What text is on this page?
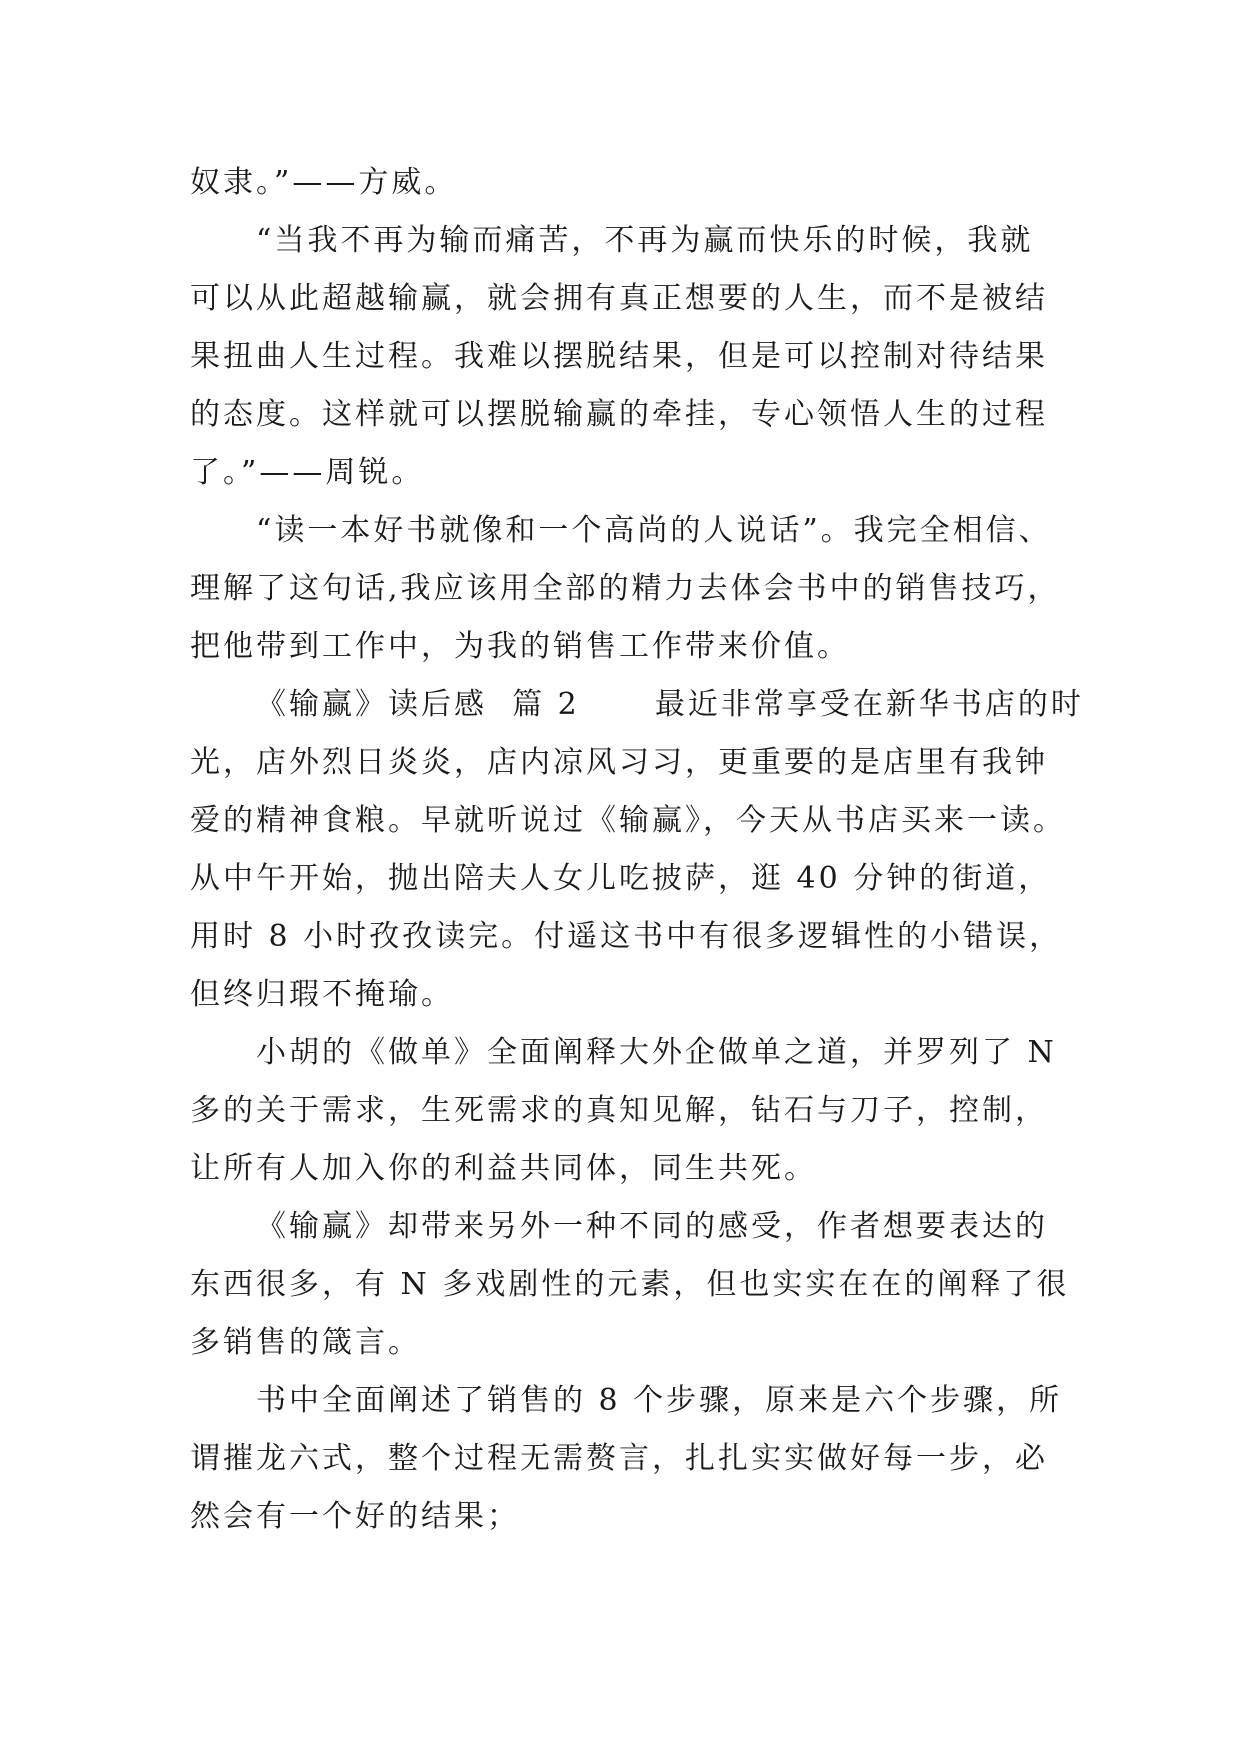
奴隶。”——方威。

“当我不再为输而痛苦，不再为赢而快乐的时候，我就
可以从此超越输赢，就会拥有真正想要的人生，而不是被结
果扭曲人生过程。我难以摆脱结果，但是可以控制对待结果
的态度。这样就可以摆脱输赢的牵挂，专心领悟人生的过程
了。”——周锐。

“读一本好书就像和一个高尚的人说话”。我完全相信、
理解了这句话,我应该用全部的精力去体会书中的销售技巧，
把他带到工作中，为我的销售工作带来价值。

《输赢》读后感  篇 2      最近非常享受在新华书店的时
光，店外烈日炎炎，店内凉风习习，更重要的是店里有我钟
爱的精神食粮。早就听说过《输赢》，今天从书店买来一读。
从中午开始，抛出陪夫人女儿吃披萨，逛 40 分钟的街道，
用时 8 小时孜孜读完。付遥这书中有很多逻辑性的小错误，
但终归瑕不掩瑜。

小胡的《做单》全面阐释大外企做单之道，并罗列了 N
多的关于需求，生死需求的真知见解，钻石与刀子，控制，
让所有人加入你的利益共同体，同生共死。

《输赢》却带来另外一种不同的感受，作者想要表达的
东西很多，有 N 多戏剧性的元素，但也实实在在的阐释了很
多销售的箴言。

书中全面阐述了销售的 8 个步骤，原来是六个步骤，所
谓摧龙六式，整个过程无需赘言，扎扎实实做好每一步，必
然会有一个好的结果；
